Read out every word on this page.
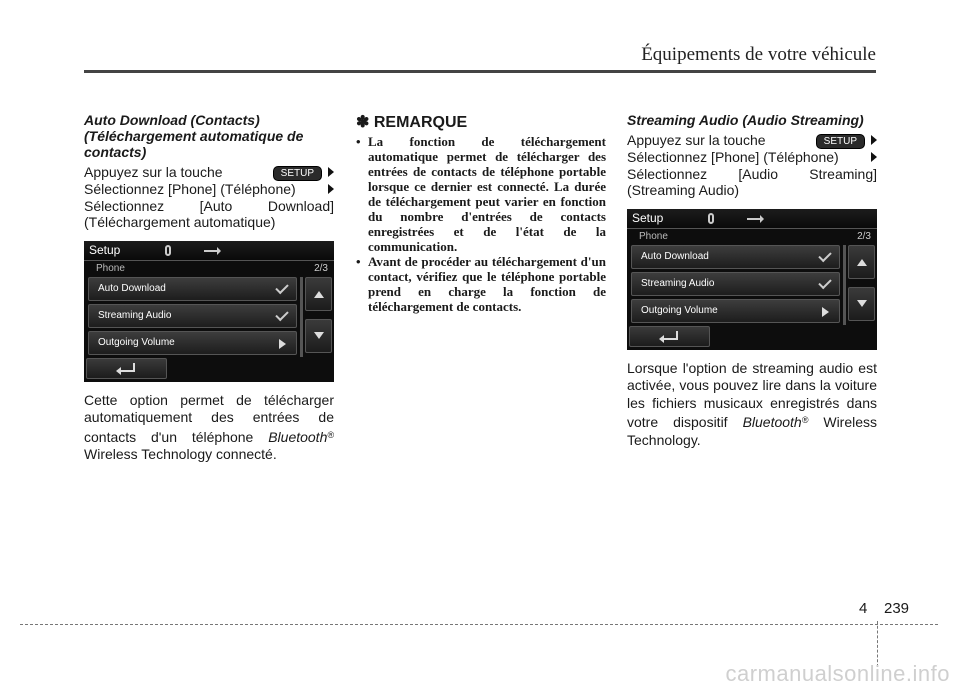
Équipements de votre véhicule
Auto Download (Contacts)
(Téléchargement automatique de
contacts)
Appuyez sur la touche	SETUP
Sélectionnez [Phone] (Téléphone)
Sélectionnez [Auto Download]
(Téléchargement automatique)
Setup
Phone	2/3
Auto Download
Streaming Audio
Outgoing Volume
Cette option permet de télécharger automatiquement des entrées de contacts d'un téléphone Bluetooth® Wireless Technology connecté.
✽ REMARQUE
• La fonction de téléchargement automatique permet de télécharger des entrées de contacts de téléphone portable lorsque ce dernier est connecté. La durée de téléchargement peut varier en fonction du nombre d'entrées de contacts enregistrées et de l'état de la communication.
• Avant de procéder au téléchargement d'un contact, vérifiez que le téléphone portable prend en charge la fonction de téléchargement de contacts.
Streaming Audio (Audio Streaming)
Appuyez sur la touche	SETUP
Sélectionnez [Phone] (Téléphone)
Sélectionnez [Audio Streaming]
(Streaming Audio)
Setup
Phone	2/3
Auto Download
Streaming Audio
Outgoing Volume
Lorsque l'option de streaming audio est activée, vous pouvez lire dans la voiture les fichiers musicaux enregistrés dans votre dispositif Bluetooth® Wireless Technology.
4 239
carmanualsonline.info
